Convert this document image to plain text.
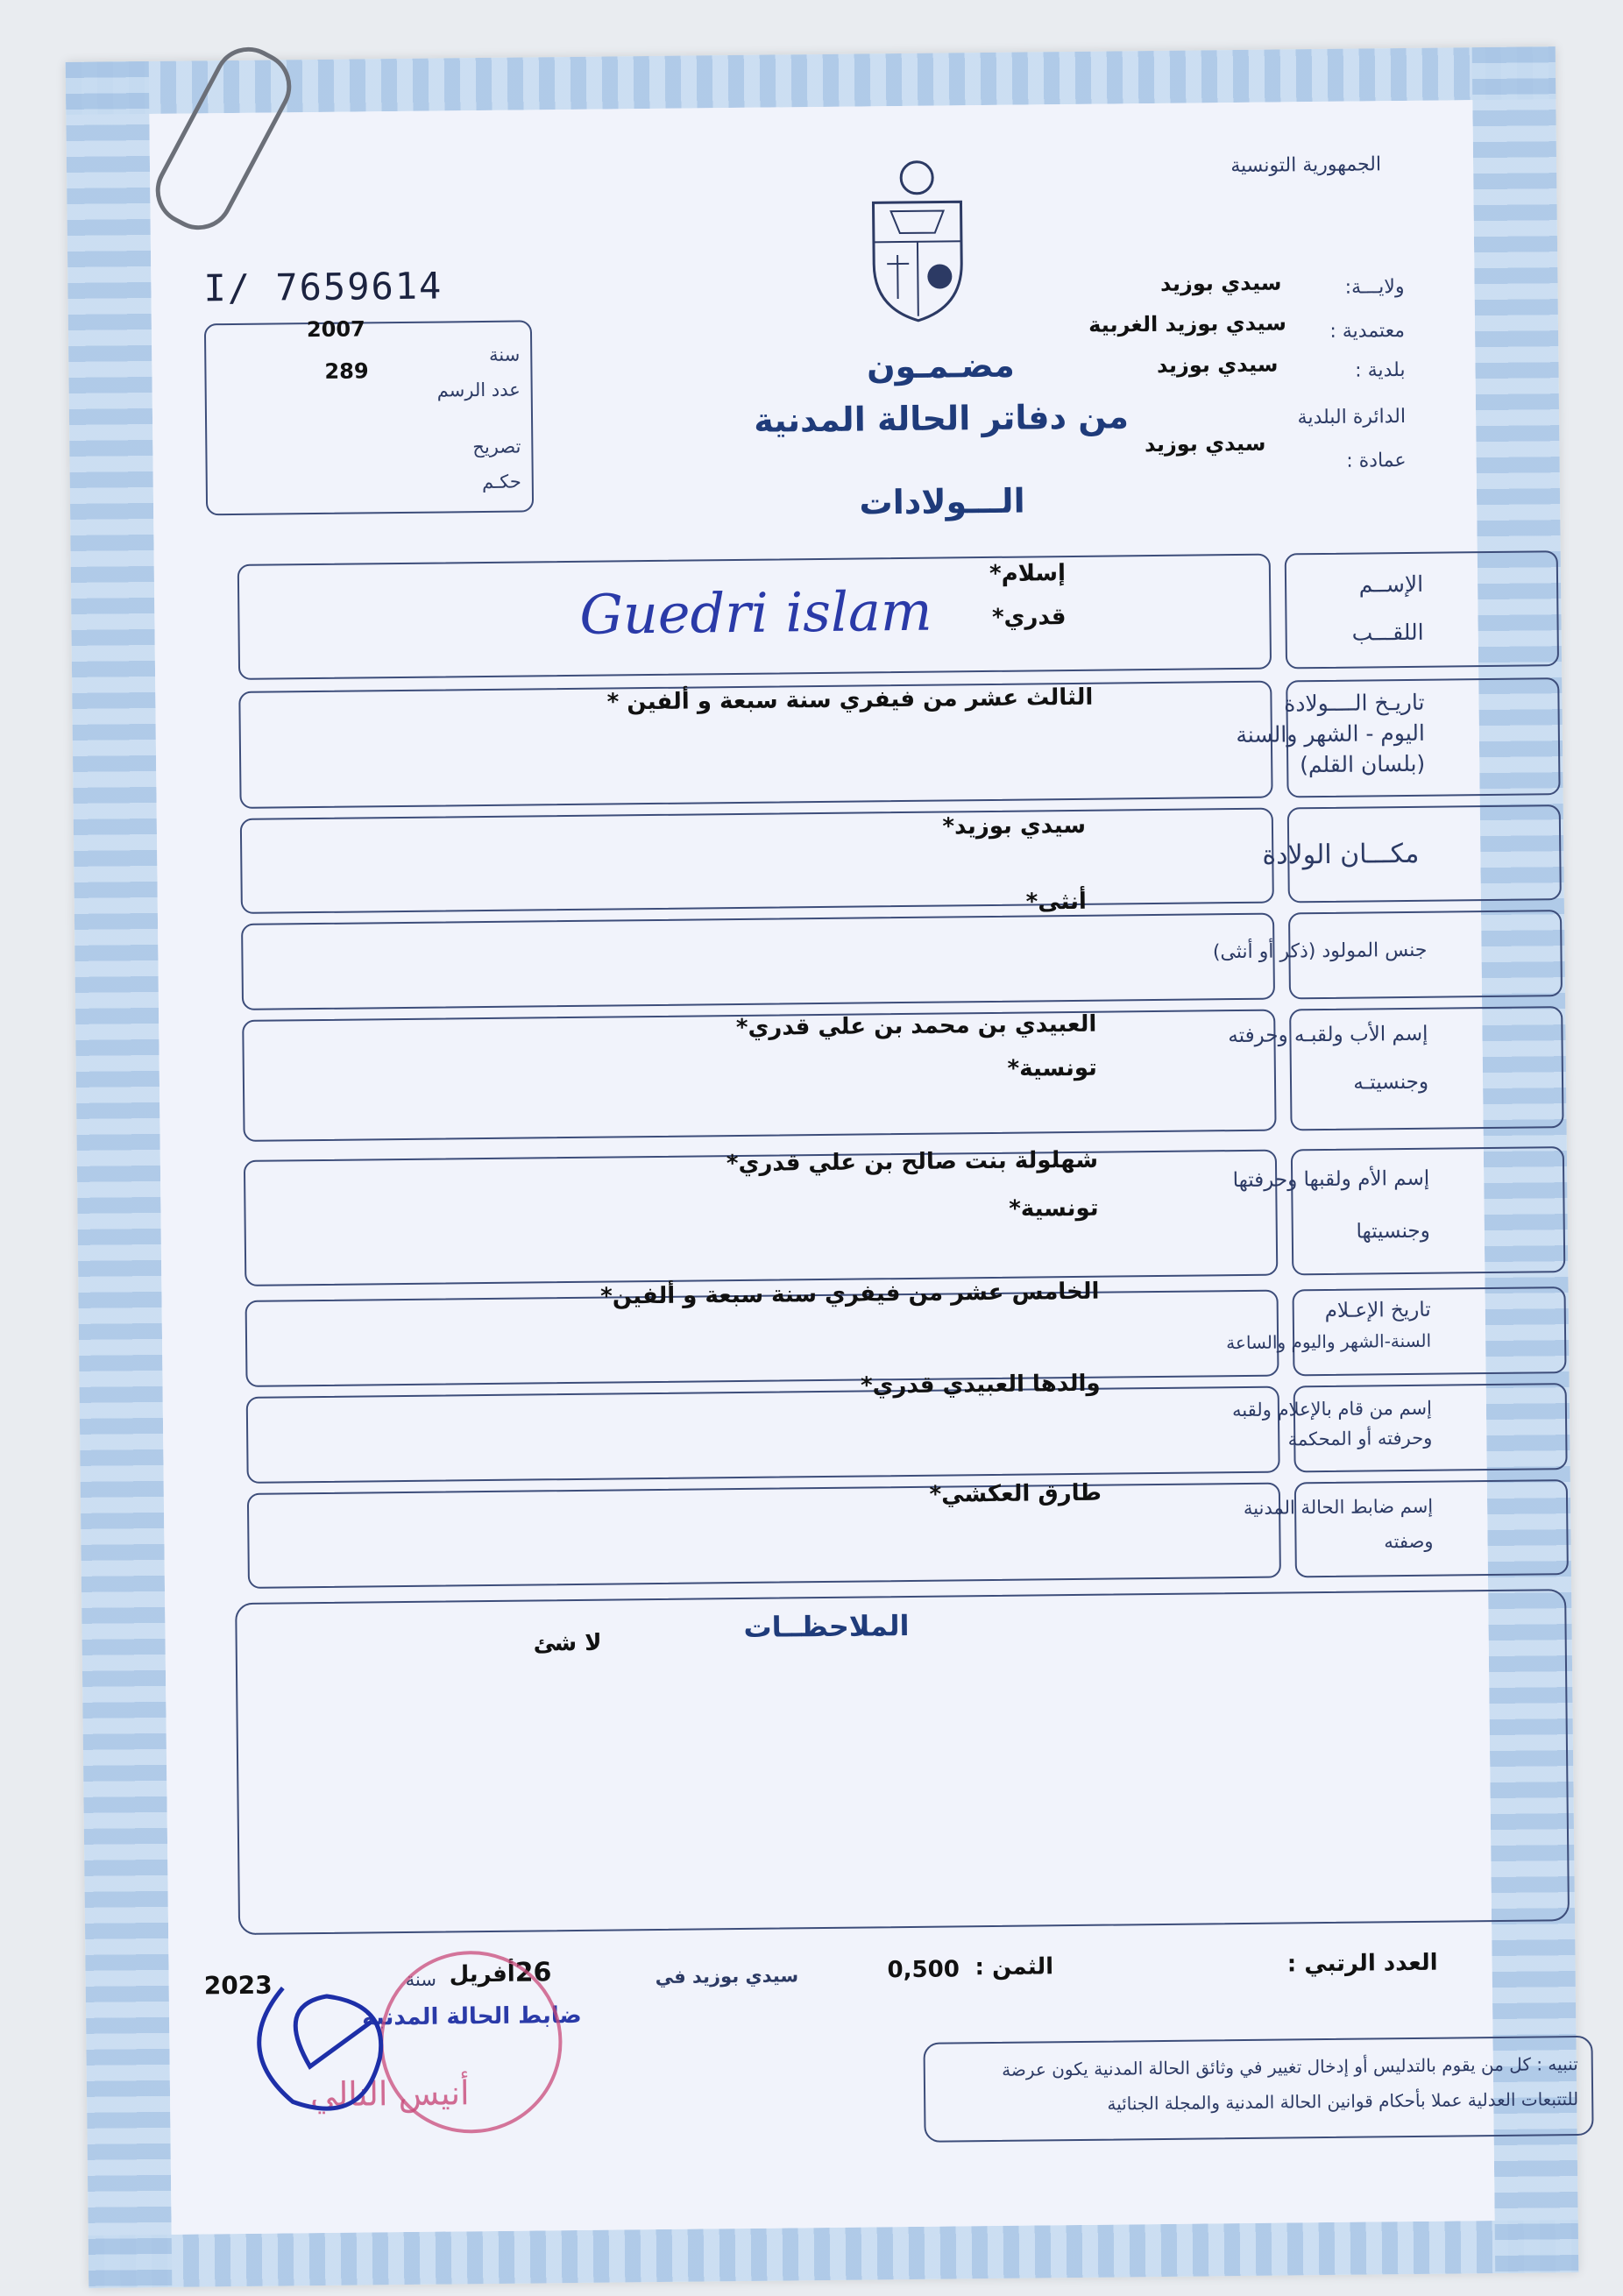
الجمهورية التونسية
I/ 7659614
2007
سنة
289
عدد الرسم
تصريح
حكـم
ولايـــة:
سيدي بوزيد
معتمدية :
سيدي بوزيد الغربية
بلدية :
سيدي بوزيد
الدائرة البلدية
عمادة :
سيدي بوزيد
مضـمـون
من دفاتر الحالة المدنية
الـــولادات
الإســم
اللقـــب
إسلام*
قدري*
Guedri islam
تاريـخ الــــولادة
اليوم - الشهر والسنة
(بلسان القلم)
الثالث عشر من فيفري سنة سبعة و ألفين *
مكـــان الولادة
سيدي بوزيد*
جنس المولود (ذكر أو أنثى)
أنثى*
إسم الأب ولقبـه وحرفته
وجنسيتـه
العبيدي بن محمد بن علي قدري*
تونسية*
إسم الأم ولقبها وحرفتها
وجنسيتها
شهلولة بنت صالح بن علي قدري*
تونسية*
تاريخ الإعـلام
السنة-الشهر واليوم والساعة
الخامس عشر من فيفري سنة سبعة و ألفين*
إسم من قام بالإعلام ولقبه
وحرفته أو المحكمة
والدها العبيدي قدري*
إسم ضابط الحالة المدنية
وصفته
طارق العكشي*
الملاحظــات
لا شئ
العدد الرتبي :
الثمن :
0,500
سيدي بوزيد في
26
أفريل
سنة
2023
ضابط الحالة المدنية
أنيس النالي
تنبيه : كل من يقوم بالتدليس أو إدخال تغيير في وثائق الحالة المدنية يكون عرضة
للتتبعات العدلية عملا بأحكام قوانين الحالة المدنية والمجلة الجنائية
